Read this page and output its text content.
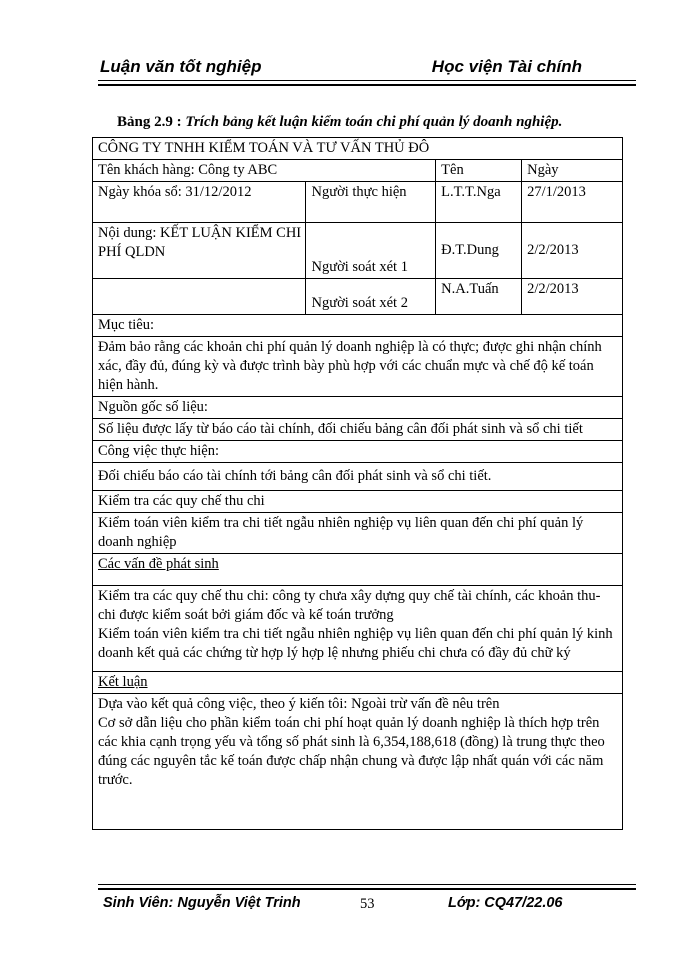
Luận văn tốt nghiệp	Học viện Tài chính
Bảng 2.9 : Trích bảng kết luận kiểm toán chi phí quản lý doanh nghiệp.
CÔNG TY TNHH KIỂM TOÁN VÀ TƯ VẤN THỦ ĐÔ			
Tên khách hàng: Công ty ABC		Tên	Ngày
Ngày khóa sổ: 31/12/2012	Người thực hiện	L.T.T.Nga	27/1/2013
Nội dung: KẾT LUẬN KIỂM CHI PHÍ QLDN	Người soát xét 1	Đ.T.Dung	2/2/2013
	Người soát xét 2	N.A.Tuấn	2/2/2013
Mục tiêu:			
Đảm bảo rằng các khoản chi phí quản lý doanh nghiệp là có thực; được ghi nhận chính xác, đầy đủ, đúng kỳ và được trình bày phù hợp với các chuẩn mực và chế độ kế toán hiện hành.			
Nguồn gốc số liệu:			
Số liệu được lấy từ báo cáo tài chính, đối chiếu bảng cân đối phát sinh và sổ chi tiết			
Công việc thực hiện:			
Đối chiếu báo cáo tài chính tới bảng cân đối phát sinh và sổ chi tiết.			
Kiểm tra các quy chế thu chi			
Kiểm toán viên kiểm tra chi tiết ngẫu nhiên nghiệp vụ liên quan đến chi phí quản lý doanh nghiệp			
Các vấn đề phát sinh			

Kiểm tra các quy chế thu chi: công ty chưa xây dựng quy chế tài chính, các khoản thu-chi được kiểm soát bởi giám đốc và kế toán trưởng
Kiểm toán viên kiểm tra chi tiết ngẫu nhiên nghiệp vụ liên quan đến chi phí quản lý kinh doanh kết quả các chứng từ hợp lý hợp lệ nhưng phiếu chi chưa có đầy đủ chữ ký			

Kết luận			

Dựa vào kết quả công việc, theo ý kiến tôi: Ngoài trừ vấn đề nêu trên
Cơ sở dẫn liệu cho phần kiểm toán chi phí hoạt quản lý doanh nghiệp là thích hợp trên các khia cạnh trọng yếu và tổng số phát sinh là 6,354,188,618 (đồng) là trung thực theo đúng các nguyên tắc kế toán được chấp nhận chung và được lập nhất quán với các năm trước.			
Sinh Viên: Nguyễn Việt Trinh	53	Lớp: CQ47/22.06
